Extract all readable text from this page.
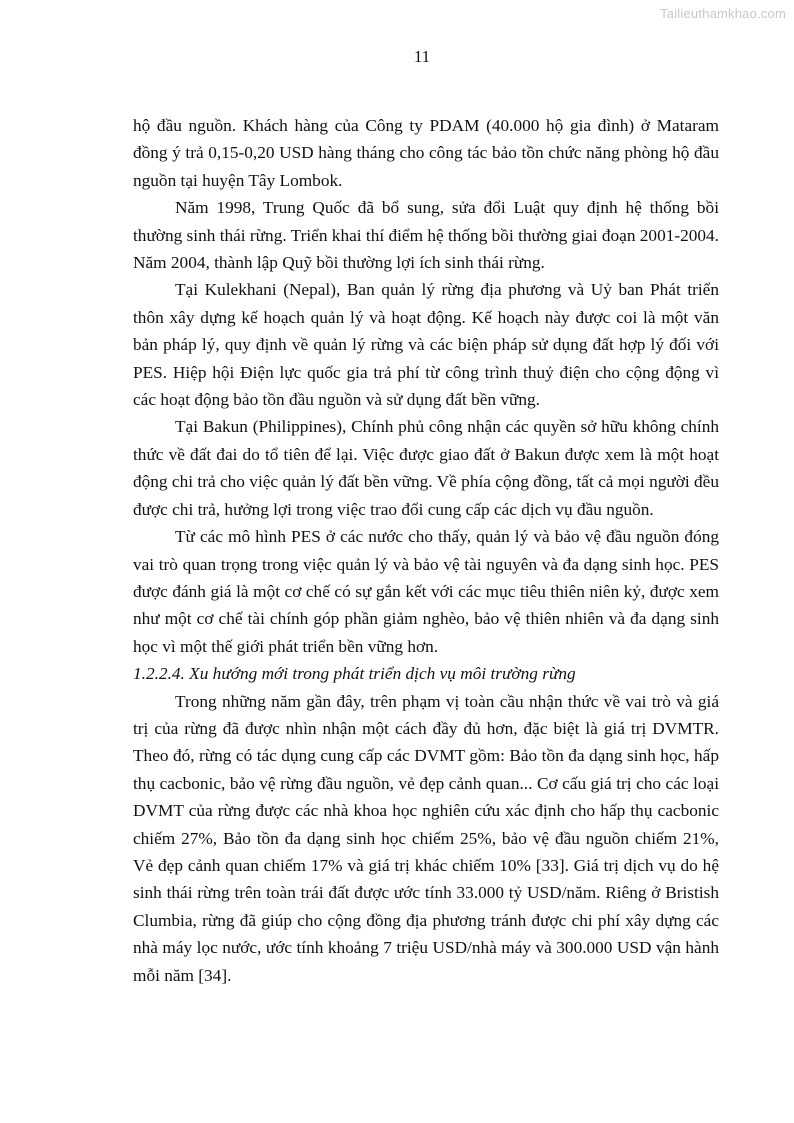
Tailieuthamkhao.com
11

hộ đầu nguồn. Khách hàng của Công ty PDAM (40.000 hộ gia đình) ở Mataram đồng ý trả 0,15-0,20 USD hàng tháng cho công tác bảo tồn chức năng phòng hộ đầu nguồn tại huyện Tây Lombok.

Năm 1998, Trung Quốc đã bổ sung, sửa đổi Luật quy định hệ thống bồi thường sinh thái rừng. Triển khai thí điểm hệ thống bồi thường giai đoạn 2001-2004. Năm 2004, thành lập Quỹ bồi thường lợi ích sinh thái rừng.

Tại Kulekhani (Nepal), Ban quản lý rừng địa phương và Uỷ ban Phát triển thôn xây dựng kế hoạch quản lý và hoạt động. Kế hoạch này được coi là một văn bản pháp lý, quy định về quản lý rừng và các biện pháp sử dụng đất hợp lý đối với PES. Hiệp hội Điện lực quốc gia trả phí từ công trình thuỷ điện cho cộng động vì các hoạt động bảo tồn đầu nguồn và sử dụng đất bền vững.

Tại Bakun (Philippines), Chính phủ công nhận các quyền sở hữu không chính thức về đất đai do tổ tiên để lại. Việc được giao đất ở Bakun được xem là một hoạt động chi trả cho việc quản lý đất bền vững. Về phía cộng đồng, tất cả mọi người đều được chi trả, hưởng lợi trong việc trao đổi cung cấp các dịch vụ đầu nguồn.

Từ các mô hình PES ở các nước cho thấy, quản lý và bảo vệ đầu nguồn đóng vai trò quan trọng trong việc quản lý và bảo vệ tài nguyên và đa dạng sinh học. PES được đánh giá là một cơ chế có sự gắn kết với các mục tiêu thiên niên kỷ, được xem như một cơ chế tài chính góp phần giảm nghèo, bảo vệ thiên nhiên và đa dạng sinh học vì một thế giới phát triển bền vững hơn.

1.2.2.4. Xu hướng mới trong phát triển dịch vụ môi trường rừng

Trong những năm gần đây, trên phạm vị toàn cầu nhận thức về vai trò và giá trị của rừng đã được nhìn nhận một cách đầy đủ hơn, đặc biệt là giá trị DVMTR. Theo đó, rừng có tác dụng cung cấp các DVMT gồm: Bảo tồn đa dạng sinh học, hấp thụ cacbonic, bảo vệ rừng đầu nguồn, vẻ đẹp cảnh quan... Cơ cấu giá trị cho các loại DVMT của rừng được các nhà khoa học nghiên cứu xác định cho hấp thụ cacbonic chiếm 27%, Bảo tồn đa dạng sinh học chiếm 25%, bảo vệ đầu nguồn chiếm 21%, Vẻ đẹp cảnh quan chiếm 17% và giá trị khác chiếm 10% [33]. Giá trị dịch vụ do hệ sinh thái rừng trên toàn trái đất được ước tính 33.000 tỷ USD/năm. Riêng ở Bristish Clumbia, rừng đã giúp cho cộng đồng địa phương tránh được chi phí xây dựng các nhà máy lọc nước, ước tính khoảng 7 triệu USD/nhà máy và 300.000 USD vận hành mỗi năm [34].
